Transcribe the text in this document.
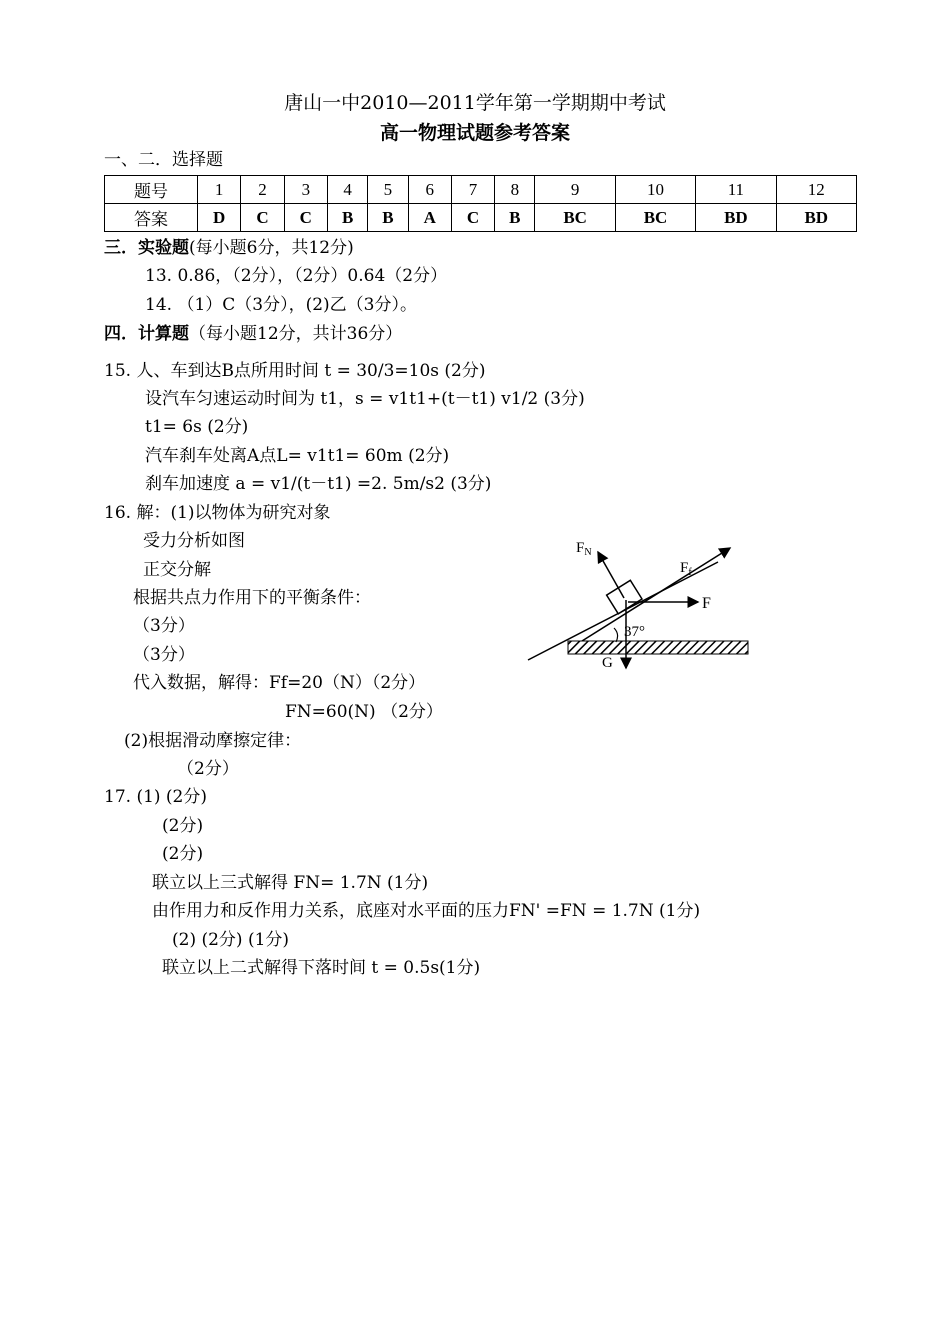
唐山一中2010—2011学年第一学期期中考试
高一物理试题参考答案
一、二．选择题
题号	1	2	3	4	5	6	7	8	9	10	11	12
答案	D	C	C	B	B	A	C	B	BC	BC	BD	BD
三．实验题(每小题6分，共12分)
13. 0.86，（2分），（2分）0.64（2分）
14. （1）C（3分），(2)乙（3分）。
四．计算题（每小题12分，共计36分）
15. 人、车到达B点所用时间 t = 30/3=10s (2分)
设汽车匀速运动时间为 t1，s = v1t1+(t－t1) v1/2 (3分)
t1= 6s (2分)
汽车刹车处离A点L= v1t1= 60m (2分)
刹车加速度 a = v1/(t－t1) =2. 5m/s2 (3分)
16. 解：(1)以物体为研究对象
受力分析如图
正交分解
根据共点力作用下的平衡条件：
（3分）
（3分）
代入数据，解得：Ff=20（N）（2分）
FN=60(N) （2分）
(2)根据滑动摩擦定律：
（2分）
17. (1) (2分)
(2分)
(2分)
联立以上三式解得 FN= 1.7N (1分)
由作用力和反作用力关系，底座对水平面的压力FN' =FN = 1.7N (1分)
(2) (2分) (1分)
联立以上二式解得下落时间 t = 0.5s(1分)
$F_N$
$F_f$
F
G
37°
